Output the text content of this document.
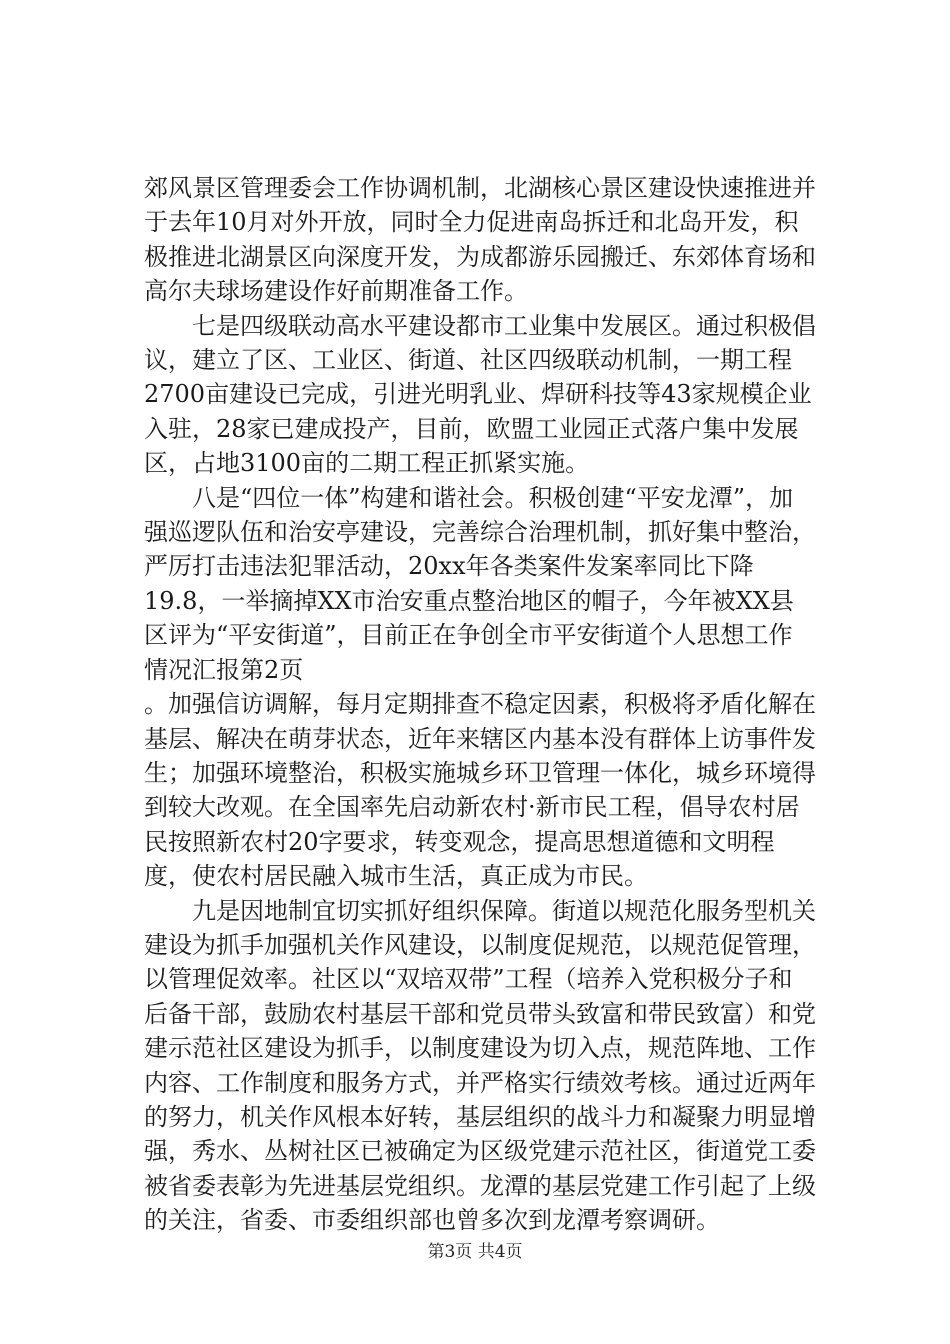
郊风景区管理委会工作协调机制，北湖核心景区建设快速推进并于去年10月对外开放，同时全力促进南岛拆迁和北岛开发，积极推进北湖景区向深度开发，为成都游乐园搬迁、东郊体育场和高尔夫球场建设作好前期准备工作。

七是四级联动高水平建设都市工业集中发展区。通过积极倡议，建立了区、工业区、街道、社区四级联动机制，一期工程2700亩建设已完成，引进光明乳业、焊研科技等43家规模企业入驻，28家已建成投产，目前，欧盟工业园正式落户集中发展区，占地3100亩的二期工程正抓紧实施。

八是“四位一体”构建和谐社会。积极创建“平安龙潭”，加强巡逻队伍和治安亭建设，完善综合治理机制，抓好集中整治，严厉打击违法犯罪活动，20xx年各类案件发案率同比下降19.8，一举摘掉XX市治安重点整治地区的帽子，今年被XX县区评为“平安街道”，目前正在争创全市平安街道个人思想工作情况汇报第2页

。加强信访调解，每月定期排查不稳定因素，积极将矛盾化解在基层、解决在萌芽状态，近年来辖区内基本没有群体上访事件发生；加强环境整治，积极实施城乡环卫管理一体化，城乡环境得到较大改观。在全国率先启动新农村·新市民工程，倡导农村居民按照新农村20字要求，转变观念，提高思想道德和文明程度，使农村居民融入城市生活，真正成为市民。

九是因地制宜切实抓好组织保障。街道以规范化服务型机关建设为抓手加强机关作风建设，以制度促规范，以规范促管理，以管理促效率。社区以“双培双带”工程（培养入党积极分子和后备干部，鼓励农村基层干部和党员带头致富和带民致富）和党建示范社区建设为抓手，以制度建设为切入点，规范阵地、工作内容、工作制度和服务方式，并严格实行绩效考核。通过近两年的努力，机关作风根本好转，基层组织的战斗力和凝聚力明显增强，秀水、丛树社区已被确定为区级党建示范社区，街道党工委被省委表彰为先进基层党组织。龙潭的基层党建工作引起了上级的关注，省委、市委组织部也曾多次到龙潭考察调研。

第3页 共4页
